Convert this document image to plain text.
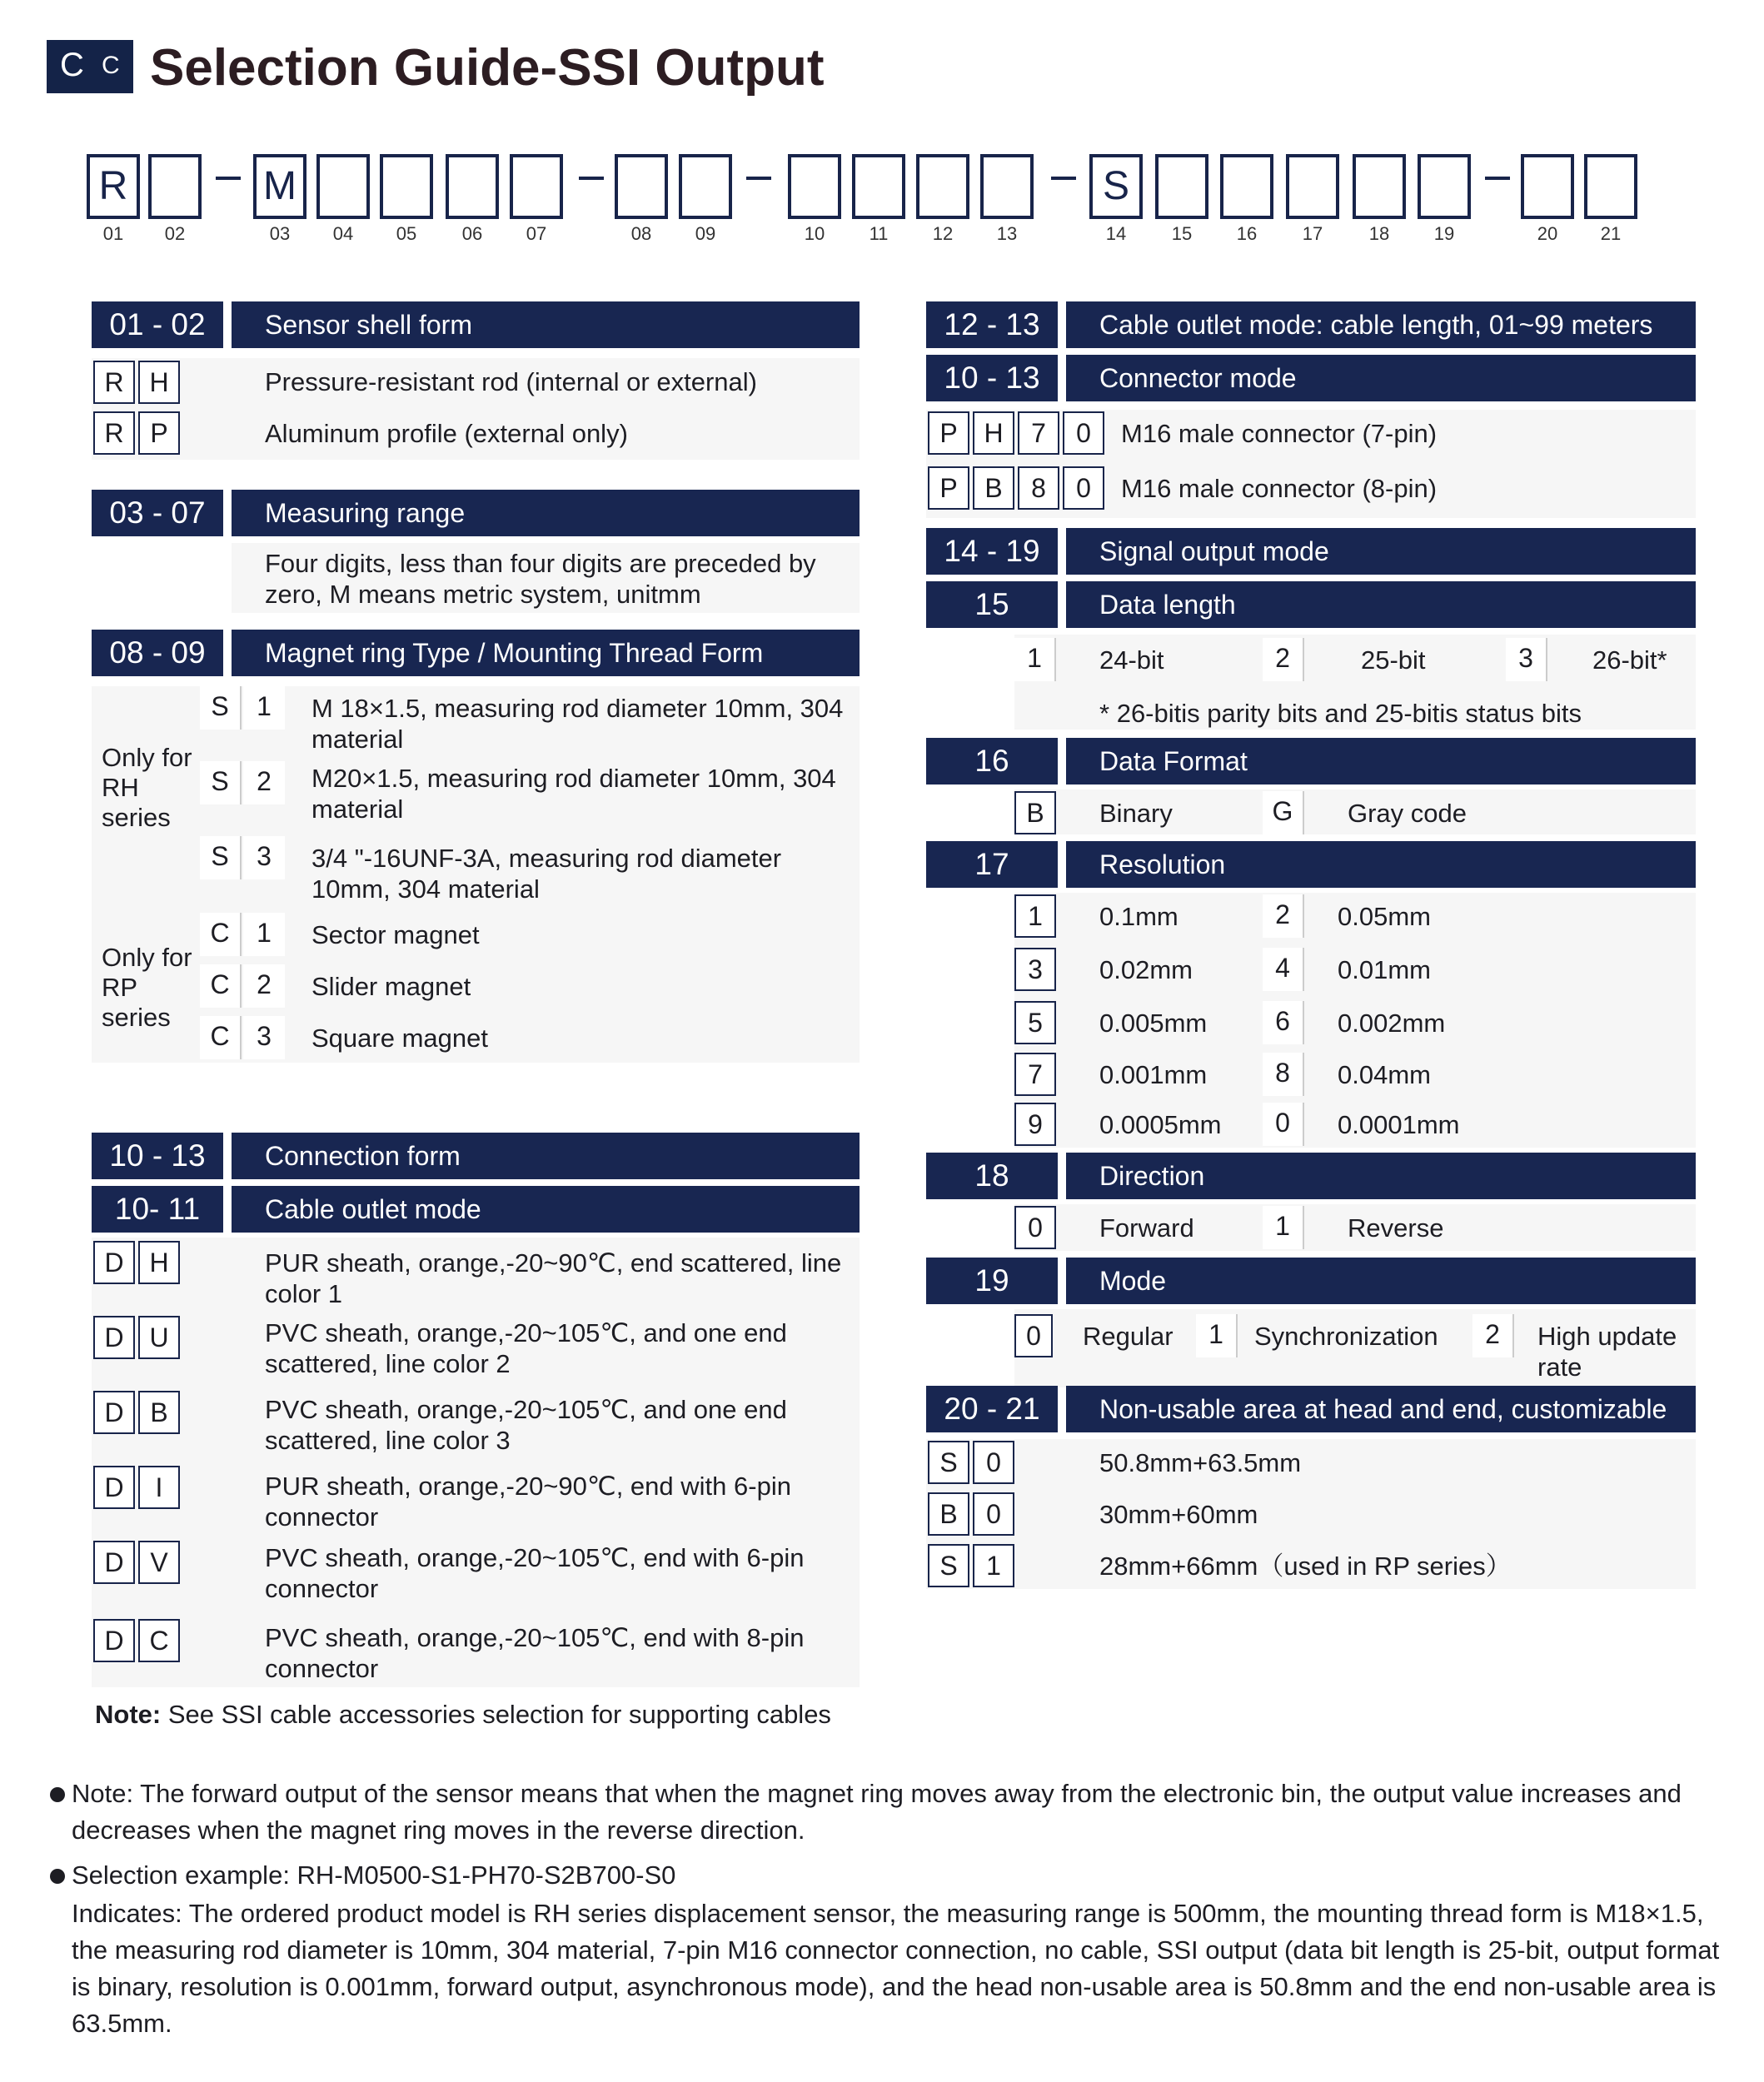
C C Selection Guide-SSI Output
R	M	S
01	02	03	04	05	06	07	08	09	10	11	12	13	14	15	16	17	18	19	20	21
01 - 02	Sensor shell form
R H	Pressure-resistant rod (internal or external)
R P	Aluminum profile (external only)
03 - 07	Measuring range
Four digits, less than four digits are preceded by zero, M means metric system, unitmm
08 - 09	Magnet ring Type / Mounting Thread Form
Only for RH series
S	1	M 18×1.5, measuring rod diameter 10mm, 304 material
S	2	M20×1.5, measuring rod diameter 10mm, 304 material
S	3	3/4 "-16UNF-3A, measuring rod diameter 10mm, 304 material
Only for RP series
C	1	Sector magnet
C	2	Slider magnet
C	3	Square magnet
10 - 13	Connection form
10- 11	Cable outlet mode
D H	PUR sheath, orange,-20~90℃, end scattered, line color 1
D U	PVC sheath, orange,-20~105℃, and one end scattered, line color 2
D B	PVC sheath, orange,-20~105℃, and one end scattered, line color 3
D	I	PUR sheath, orange,-20~90℃, end with 6-pin connector
D V	PVC sheath, orange,-20~105℃, end with 6-pin connector
D C	PVC sheath, orange,-20~105℃, end with 8-pin connector
Note: See SSI cable accessories selection for supporting cables
12 - 13	Cable outlet mode: cable length, 01~99 meters
10 - 13	Connector mode
P H	7	0	M16 male connector (7-pin)
P	B	8	0	M16 male connector (8-pin)
14 - 19	Signal output mode
15	Data length
1	24-bit	2	25-bit	3	26-bit*
* 26-bitis parity bits and 25-bitis status bits
16	Data Format
B	Binary	G	Gray code
17	Resolution
1	0.1mm	2	0.05mm
3	0.02mm	4	0.01mm
5	0.005mm	6	0.002mm
7	0.001mm	8	0.04mm
9	0.0005mm	0	0.0001mm
18	Direction
0	Forward	1	Reverse
19	Mode
0	Regular	1	Synchronization	2	High update rate
20 - 21	Non-usable area at head and end, customizable
S	0	50.8mm+63.5mm
B	0	30mm+60mm
S	1	28mm+66mm（used in RP series）
Note: The forward output of the sensor means that when the magnet ring moves away from the electronic bin, the output value increases and decreases when the magnet ring moves in the reverse direction.
Selection example: RH-M0500-S1-PH70-S2B700-S0
Indicates: The ordered product model is RH series displacement sensor, the measuring range is 500mm, the mounting thread form is M18×1.5, the measuring rod diameter is 10mm, 304 material, 7-pin M16 connector connection, no cable, SSI output (data bit length is 25-bit, output format is binary, resolution is 0.001mm, forward output, asynchronous mode), and the head non-usable area is 50.8mm and the end non-usable area is 63.5mm.
